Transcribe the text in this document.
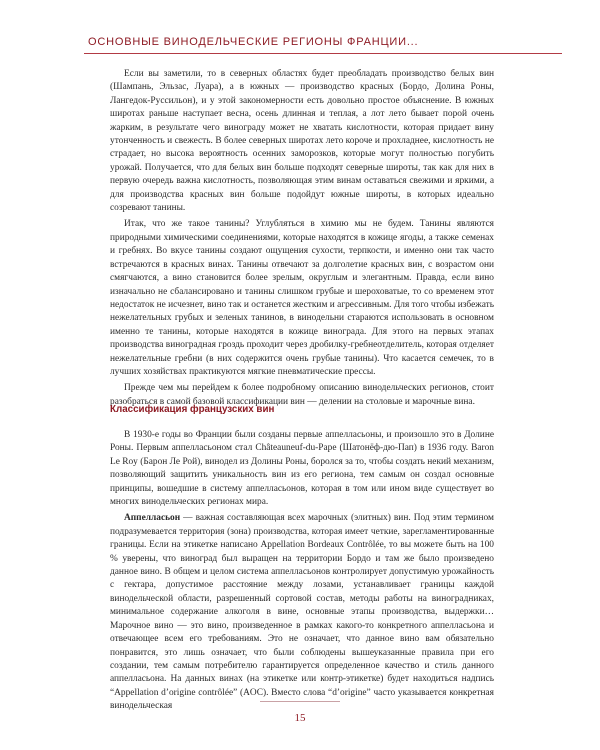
ОСНОВНЫЕ ВИНОДЕЛЬЧЕСКИЕ РЕГИОНЫ ФРАНЦИИ...

Если вы заметили, то в северных областях будет преобладать производство белых вин (Шампань, Эльзас, Луара), а в южных — производство красных (Бордо, Долина Роны, Лангедок-Руссильон), и у этой закономерности есть довольно простое объяснение. В южных широтах раньше наступает весна, осень длинная и теплая, а лот лето бывает порой очень жарким, в результате чего винограду может не хватать кислотности, которая придает вину утонченность и свежесть. В более северных широтах лето короче и прохладнее, кислотность не страдает, но высока вероятность осенних заморозков, которые могут полностью погубить урожай. Получается, что для белых вин больше подходят северные широты, так как для них в первую очередь важна кислотность, позволяющая этим винам оставаться свежими и яркими, а для производства красных вин больше подойдут южные широты, в которых идеально созревают танины.

Итак, что же такое танины? Углубляться в химию мы не будем. Танины являются природными химическими соединениями, которые находятся в кожице ягоды, а также семенах и гребнях. Во вкусе танины создают ощущения сухости, терпкости, и именно они так часто встречаются в красных винах. Танины отвечают за долголетие красных вин, с возрастом они смягчаются, а вино становится более зрелым, округлым и элегантным. Правда, если вино изначально не сбалансировано и танины слишком грубые и шероховатые, то со временем этот недостаток не исчезнет, вино так и останется жестким и агрессивным. Для того чтобы избежать нежелательных грубых и зеленых танинов, в винодельни стараются использовать в основном именно те танины, которые находятся в кожице винограда. Для этого на первых этапах производства виноградная гроздь проходит через дробилку-гребнеотделитель, которая отделяет нежелательные гребни (в них содержится очень грубые танины). Что касается семечек, то в лучших хозяйствах практикуются мягкие пневматические прессы.

Прежде чем мы перейдем к более подробному описанию винодельческих регионов, стоит разобраться в самой базовой классификации вин — делении на столовые и марочные вина.

Классификация французских вин

В 1930-е годы во Франции были созданы первые аппелласьоны, и произошло это в Долине Роны. Первым аппелласьоном стал Châteauneuf-du-Pape (Шатонёф-дю-Пап) в 1936 году. Baron Le Roy (Барон Ле Рой), винодел из Долины Роны, боролся за то, чтобы создать некий механизм, позволяющий защитить уникальность вин из его региона, тем самым он создал основные принципы, вошедшие в систему аппелласьонов, которая в том или ином виде существует во многих винодельческих регионах мира.

Аппелласьон — важная составляющая всех марочных (элитных) вин. Под этим термином подразумевается территория (зона) производства, которая имеет четкие, зарегламентированные границы. Если на этикетке написано Appellation Bordeaux Contrôlée, то вы можете быть на 100 % уверены, что виноград был выращен на территории Бордо и там же было произведено данное вино. В общем и целом система аппелласьонов контролирует допустимую урожайность с гектара, допустимое расстояние между лозами, устанавливает границы каждой винодельческой области, разрешенный сортовой состав, методы работы на виноградниках, минимальное содержание алкоголя в вине, основные этапы производства, выдержки… Марочное вино — это вино, произведенное в рамках какого-то конкретного аппелласьона и отвечающее всем его требованиям. Это не означает, что данное вино вам обязательно понравится, это лишь означает, что были соблюдены вышеуказанные правила при его создании, тем самым потребителю гарантируется определенное качество и стиль данного аппелласьона. На данных винах (на этикетке или контр-этикетке) будет находиться надпись “Appellation d’origine contrôlée” (AOC). Вместо слова “d’origine” часто указывается конкретная винодельческая

15
